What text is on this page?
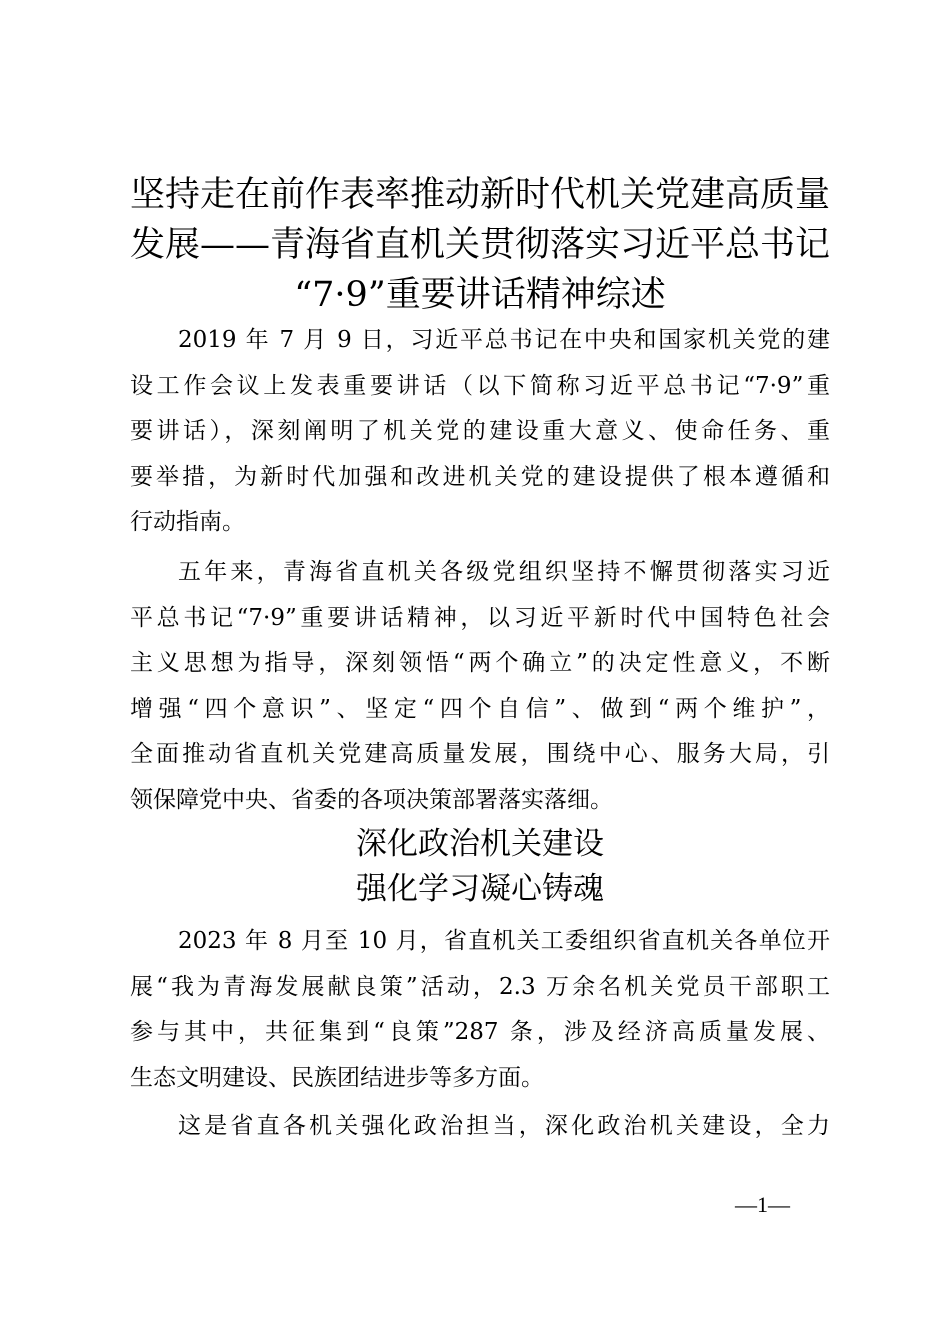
坚持走在前作表率推动新时代机关党建高质量
发展——青海省直机关贯彻落实习近平总书记
“7·9”重要讲话精神综述
2019 年 7 月 9 日，习近平总书记在中央和国家机关党的建
设工作会议上发表重要讲话（以下简称习近平总书记“7·9”重
要讲话），深刻阐明了机关党的建设重大意义、使命任务、重
要举措，为新时代加强和改进机关党的建设提供了根本遵循和
行动指南。
五年来，青海省直机关各级党组织坚持不懈贯彻落实习近
平总书记“7·9”重要讲话精神，以习近平新时代中国特色社会
主义思想为指导，深刻领悟“两个确立”的决定性意义，不断
增强“四个意识”、坚定“四个自信”、做到“两个维护”，
全面推动省直机关党建高质量发展，围绕中心、服务大局，引
领保障党中央、省委的各项决策部署落实落细。
深化政治机关建设
强化学习凝心铸魂
2023 年 8 月至 10 月，省直机关工委组织省直机关各单位开
展“我为青海发展献良策”活动，2.3 万余名机关党员干部职工
参与其中，共征集到“良策”287 条，涉及经济高质量发展、
生态文明建设、民族团结进步等多方面。
这是省直各机关强化政治担当，深化政治机关建设，全力
—1—
